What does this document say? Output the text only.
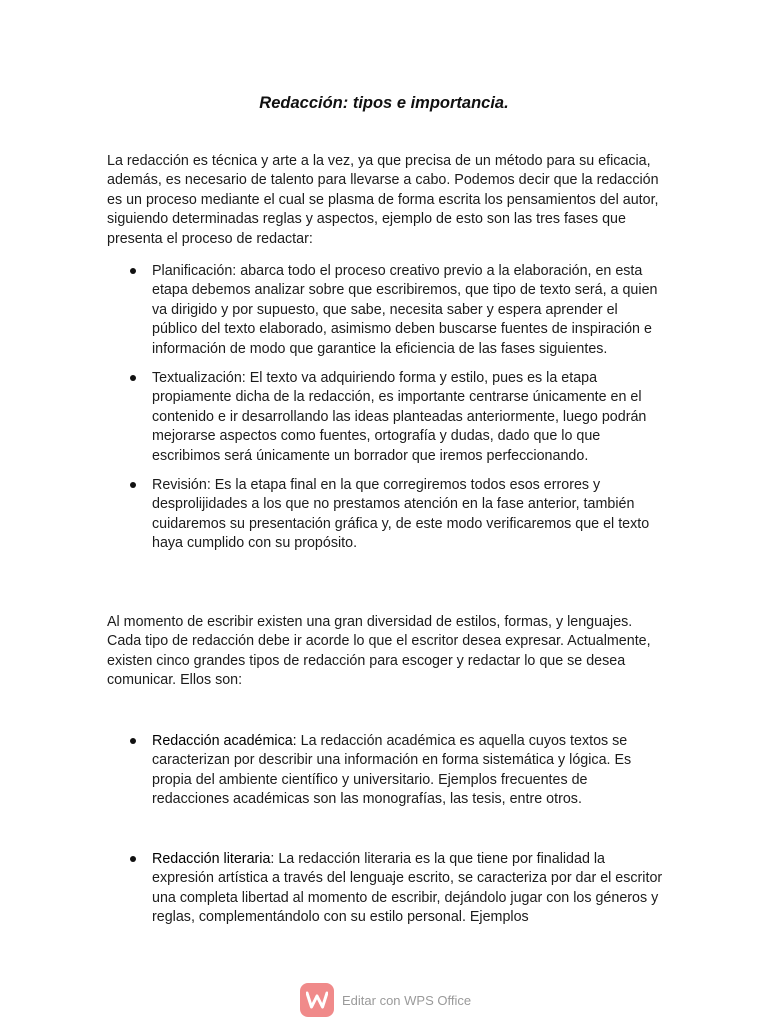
Redacción: tipos e importancia.

La redacción es técnica y arte a la vez, ya que precisa de un método para su eficacia, además, es necesario de talento para llevarse a cabo. Podemos decir que la redacción es un proceso mediante el cual se plasma de forma escrita los pensamientos del autor, siguiendo determinadas reglas y aspectos, ejemplo de esto son las tres fases que presenta el proceso de redactar:

Planificación: abarca todo el proceso creativo previo a la elaboración, en esta etapa debemos analizar sobre que escribiremos, que tipo de texto será, a quien va dirigido y por supuesto, que sabe, necesita saber y espera aprender el público del texto elaborado, asimismo deben buscarse fuentes de inspiración e información de modo que garantice la eficiencia de las fases siguientes.
Textualización: El texto va adquiriendo forma y estilo, pues es la etapa propiamente dicha de la redacción, es importante centrarse únicamente en el contenido e ir desarrollando las ideas planteadas anteriormente, luego podrán mejorarse aspectos como fuentes, ortografía y dudas, dado que lo que escribimos será únicamente un borrador que iremos perfeccionando.
Revisión: Es la etapa final en la que corregiremos todos esos errores y desprolijidades a los que no prestamos atención en la fase anterior, también cuidaremos su presentación gráfica y, de este modo verificaremos que el texto haya cumplido con su propósito.

Al momento de escribir existen una gran diversidad de estilos, formas, y lenguajes. Cada tipo de redacción debe ir acorde lo que el escritor desea expresar. Actualmente, existen cinco grandes tipos de redacción para escoger y redactar lo que se desea comunicar. Ellos son:

Redacción académica: La redacción académica es aquella cuyos textos se caracterizan por describir una información en forma sistemática y lógica. Es propia del ambiente científico y universitario. Ejemplos frecuentes de redacciones académicas son las monografías, las tesis, entre otros.
Redacción literaria: La redacción literaria es la que tiene por finalidad la expresión artística a través del lenguaje escrito, se caracteriza por dar el escritor una completa libertad al momento de escribir, dejándolo jugar con los géneros y reglas, complementándolo con su estilo personal. Ejemplos
Editar con WPS Office
